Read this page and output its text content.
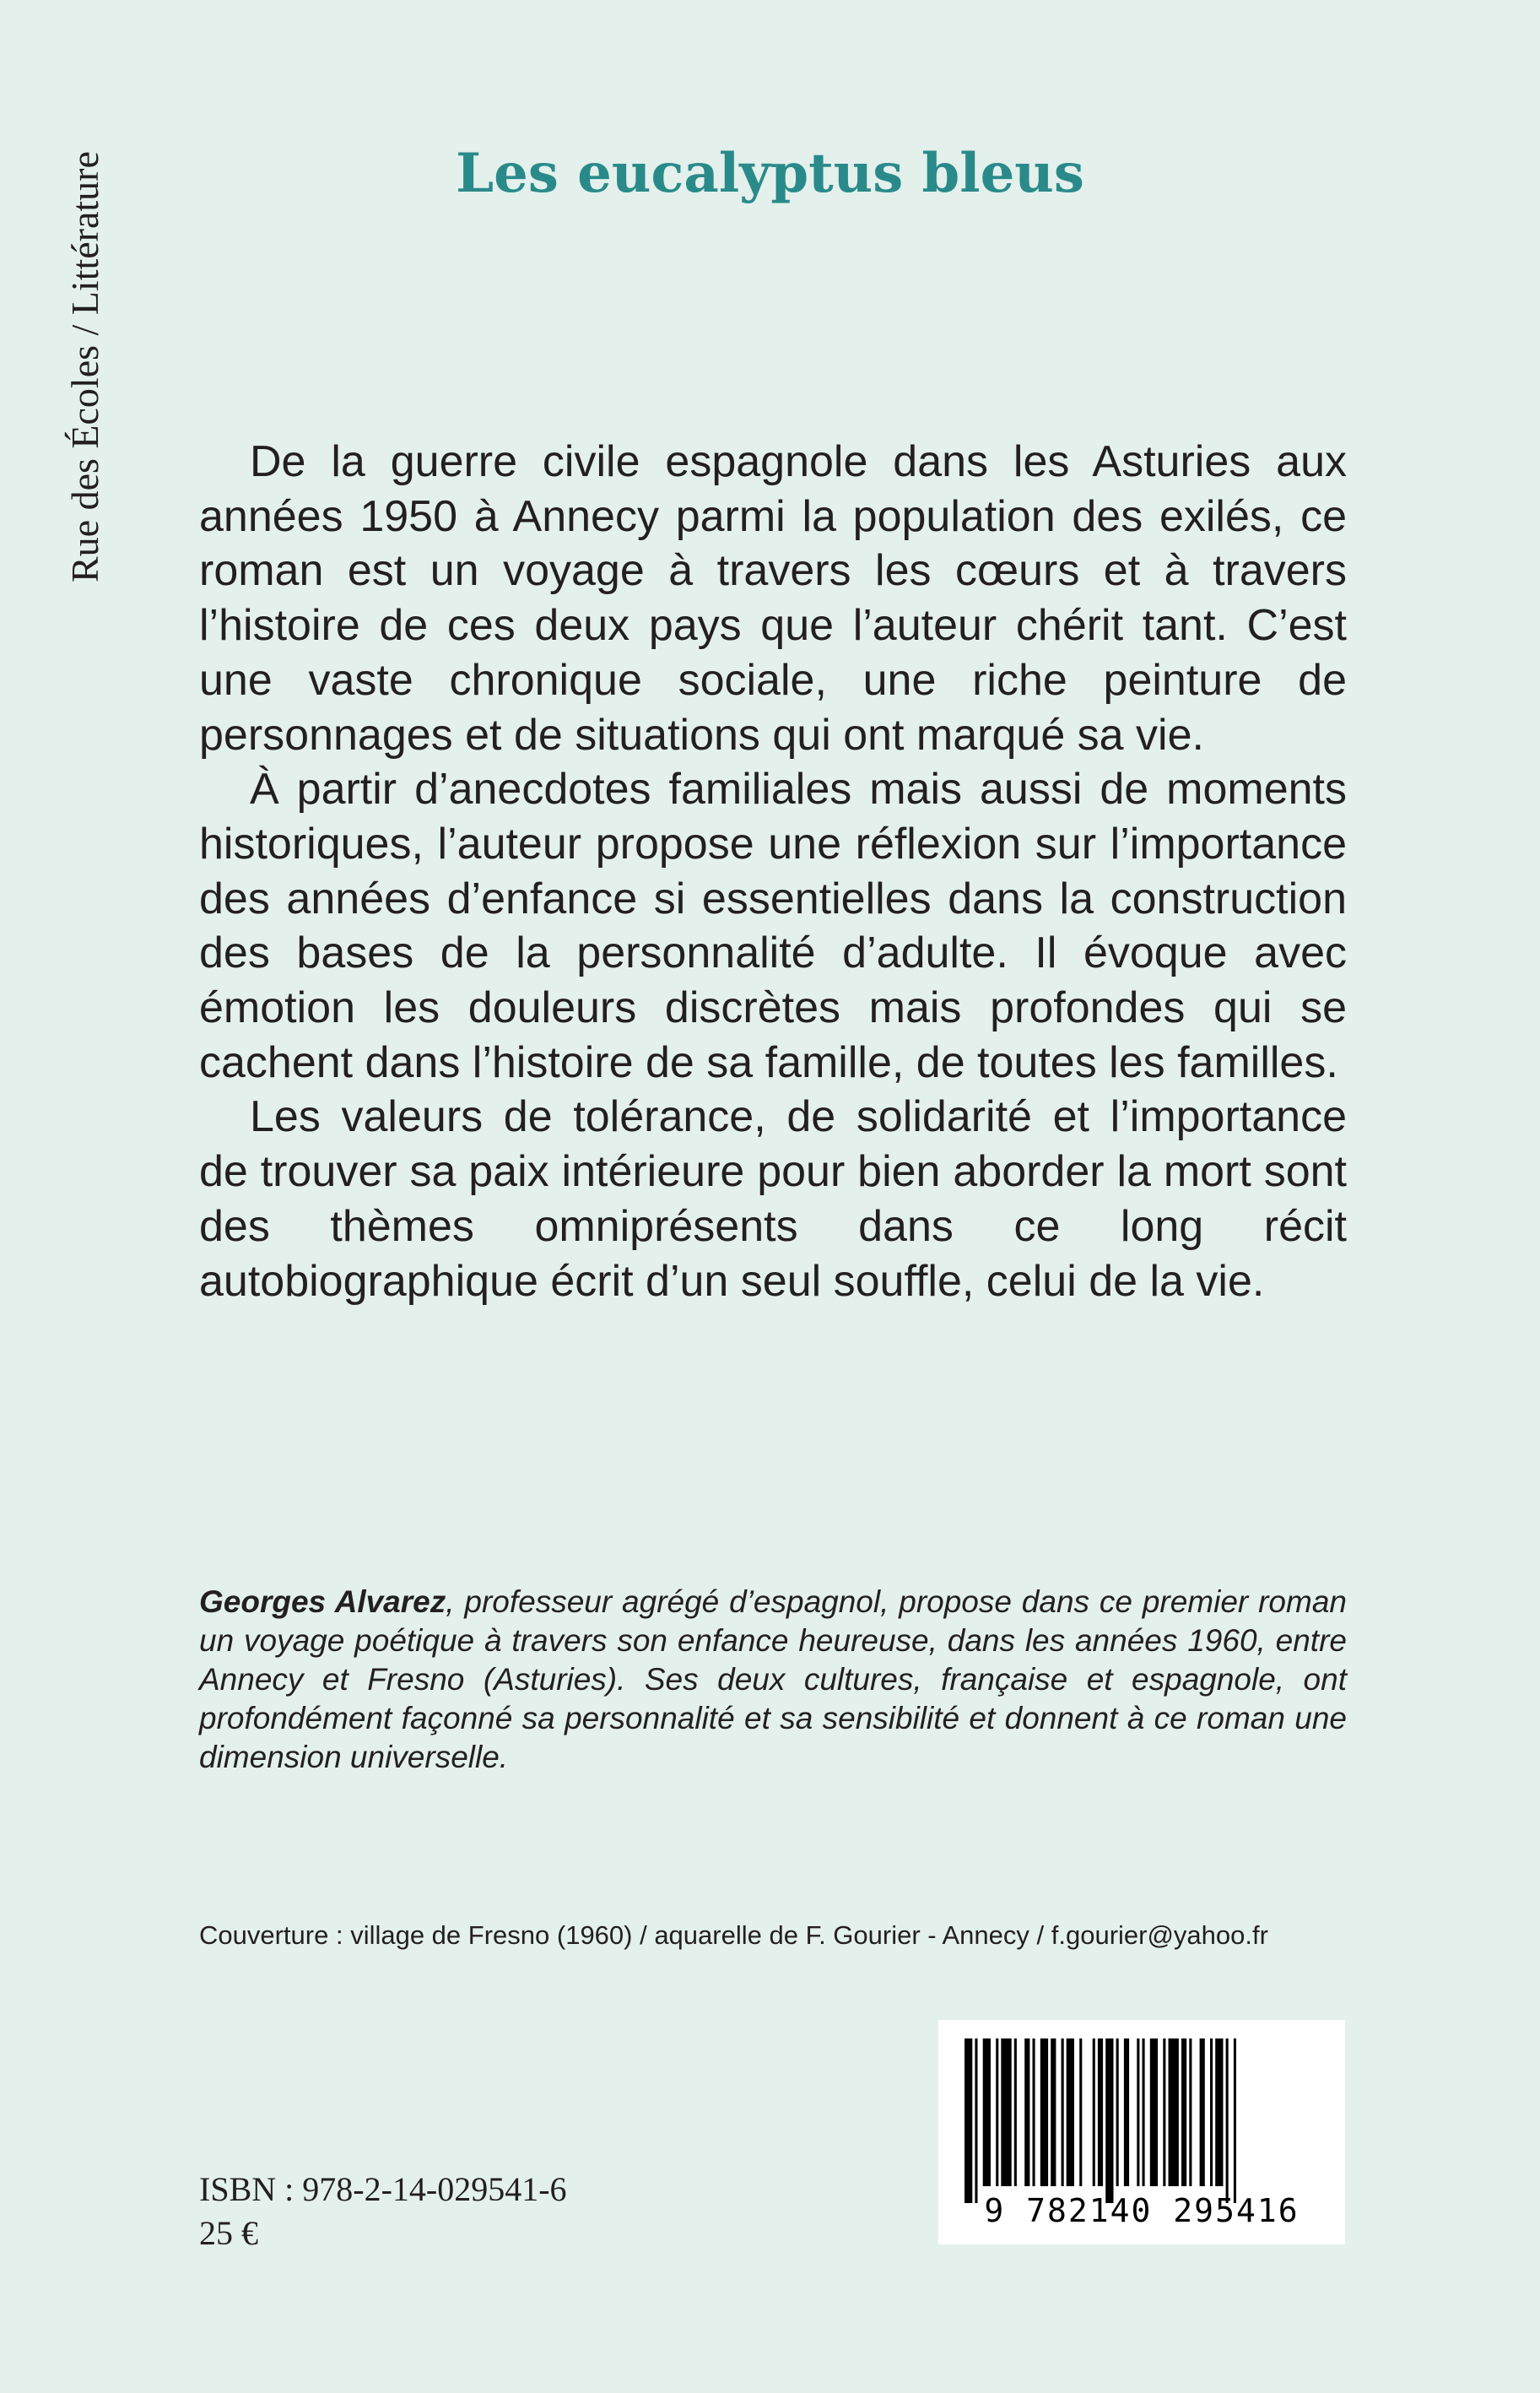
Rue des Écoles / Littérature	Les eucalyptus bleus

De la guerre civile espagnole dans les Asturies aux années 1950 à Annecy parmi la population des exilés, ce roman est un voyage à travers les cœurs et à travers l’histoire de ces deux pays que l’auteur chérit tant. C’est une vaste chronique sociale, une riche peinture de personnages et de situations qui ont marqué sa vie.

À partir d’anecdotes familiales mais aussi de moments historiques, l’auteur propose une réflexion sur l’importance des années d’enfance si essentielles dans la construction des bases de la personnalité d’adulte. Il évoque avec émotion les douleurs discrètes mais profondes qui se cachent dans l’histoire de sa famille, de toutes les familles.

Les valeurs de tolérance, de solidarité et l’importance de trouver sa paix intérieure pour bien aborder la mort sont des thèmes omniprésents dans ce long récit autobiographique écrit d’un seul souffle, celui de la vie.

Georges Alvarez, professeur agrégé d’espagnol, propose dans ce premier roman un voyage poétique à travers son enfance heureuse, dans les années 1960, entre Annecy et Fresno (Asturies). Ses deux cultures, française et espagnole, ont profondément façonné sa personnalité et sa sensibilité et donnent à ce roman une dimension universelle.
Couverture : village de Fresno (1960) / aquarelle de F. Gourier - Annecy / f.gourier@yahoo.fr
9 782140 295416
ISBN : 978-2-14-029541-6
25 €
